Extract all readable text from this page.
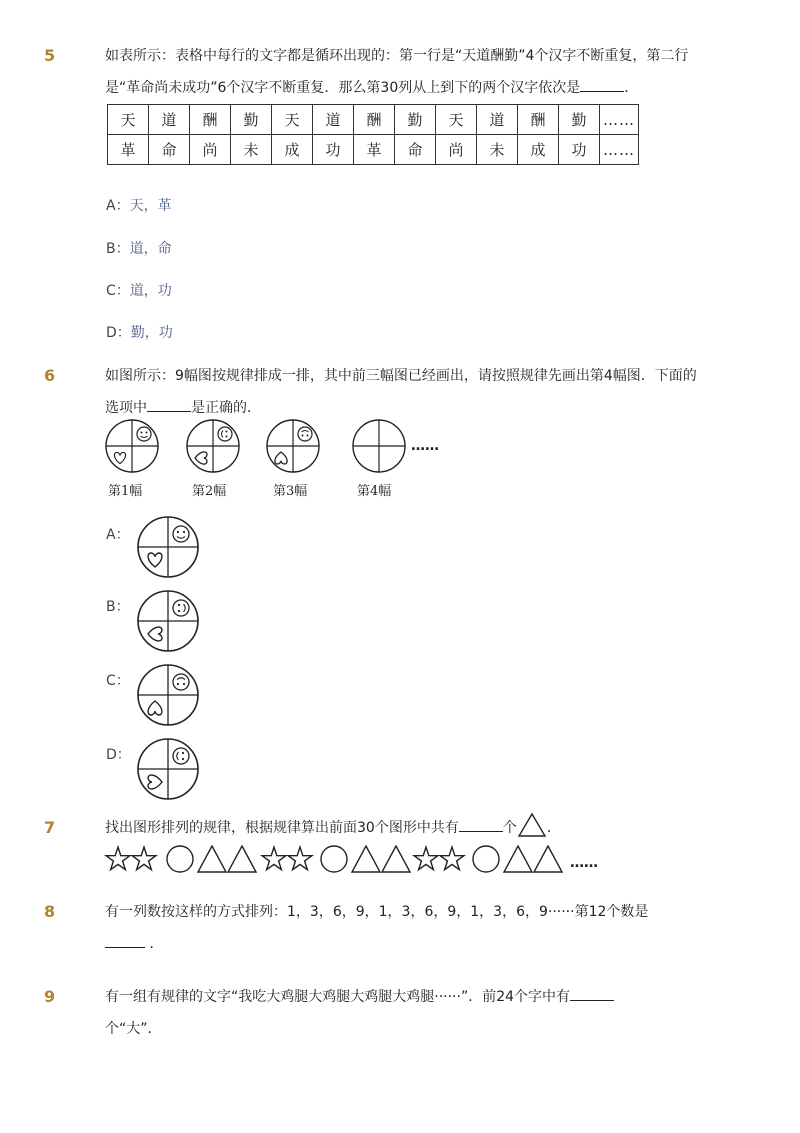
5	如表所示：表格中每行的文字都是循环出现的：第一行是“天道酬勤”4个汉字不断重复，第二行
是“革命尚未成功”6个汉字不断重复．那么第30列从上到下的两个汉字依次是	．
天	道	酬	勤	天	道	酬	勤	天	道	酬	勤	……
革	命	尚	未	成	功	革	命	尚	未	成	功	……
A：天，革
B：道，命
C：道，功
D：勤，功
6	如图所示：9幅图按规律排成一排，其中前三幅图已经画出，请按照规律先画出第4幅图．下面的
选项中	是正确的．
……
第1幅	第2幅	第3幅	第4幅
A：
B：
C：
D：
7	找出图形排列的规律，根据规律算出前面30个图形中共有	个 ．
……
8	有一列数按这样的方式排列：1，3，6，9，1，3，6，9，1，3，6，9······第12个数是
．
9	有一组有规律的文字“我吃大鸡腿大鸡腿大鸡腿大鸡腿······”．前24个字中有
个“大”．
